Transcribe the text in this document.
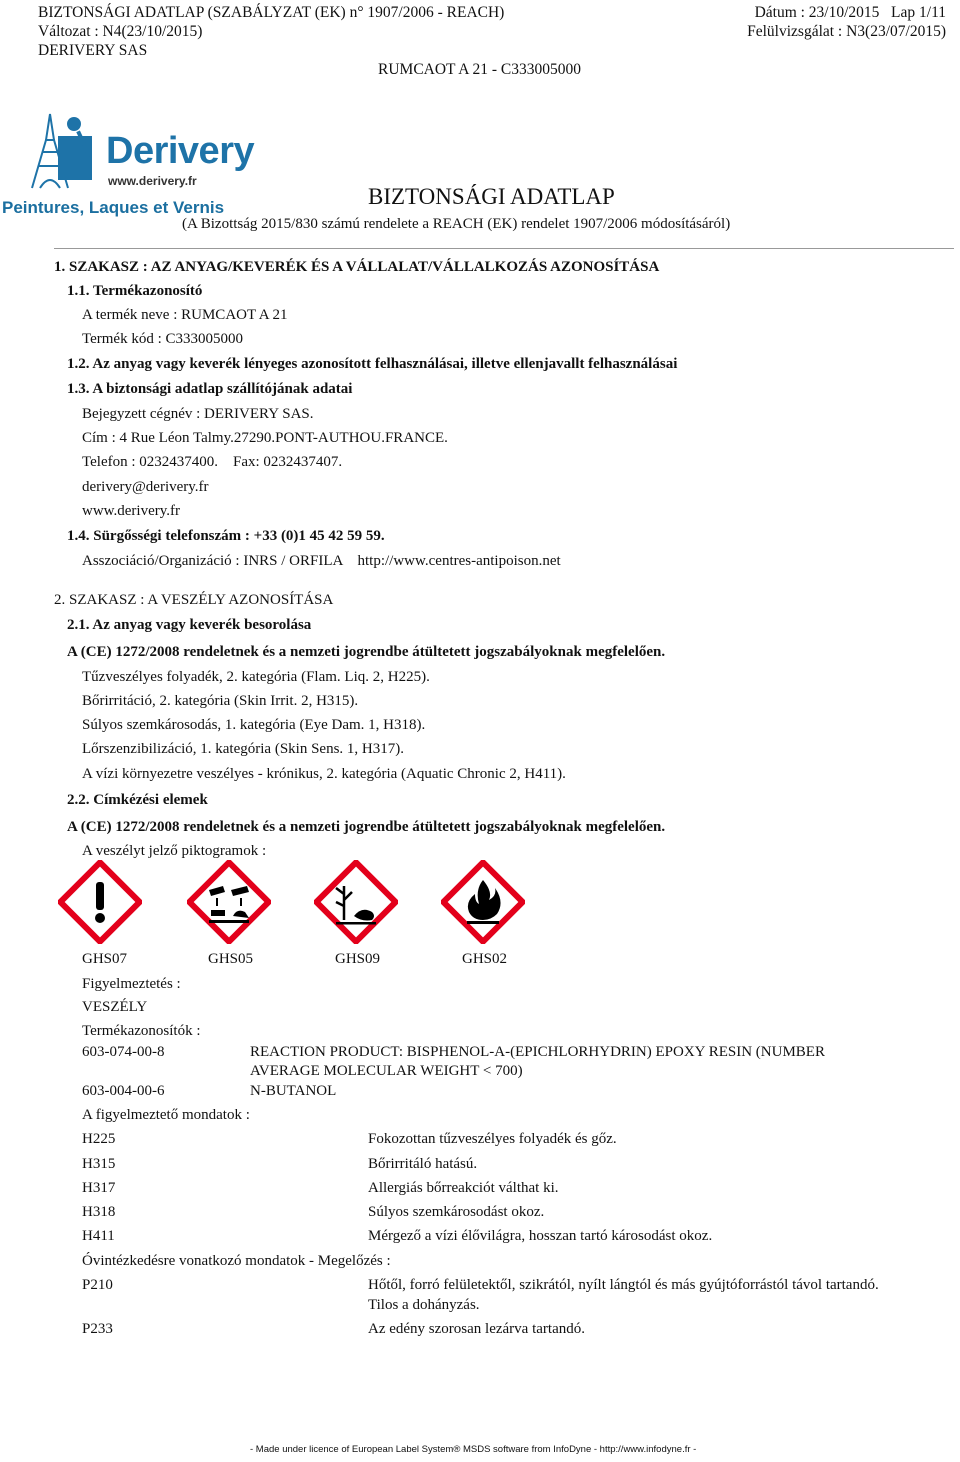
BIZTONSÁGI ADATLAP (SZABÁLYZAT (EK) n° 1907/2006 - REACH)
Változat : N4(23/10/2015)
DERIVERY SAS
Dátum : 23/10/2015   Lap 1/11
Felülvizsgálat : N3(23/07/2015)
RUMCAOT A 21 - C333005000
Derivery
www.derivery.fr
Peintures, Laques et Vernis	BIZTONSÁGI ADATLAP
(A Bizottság 2015/830 számú rendelete a REACH (EK) rendelet 1907/2006 módosításáról)
1. SZAKASZ : AZ ANYAG/KEVERÉK ÉS A VÁLLALAT/VÁLLALKOZÁS AZONOSÍTÁSA
1.1. Termékazonosító
A termék neve : RUMCAOT A 21
Termék kód : C333005000
1.2. Az anyag vagy keverék lényeges azonosított felhasználásai, illetve ellenjavallt felhasználásai
1.3. A biztonsági adatlap szállítójának adatai
Bejegyzett cégnév : DERIVERY SAS.
Cím : 4 Rue Léon Talmy.27290.PONT-AUTHOU.FRANCE.
Telefon : 0232437400.    Fax: 0232437407.
derivery@derivery.fr
www.derivery.fr
1.4. Sürgősségi telefonszám : +33 (0)1 45 42 59 59.
Asszociáció/Organizáció : INRS / ORFILA    http://www.centres-antipoison.net
2. SZAKASZ : A VESZÉLY AZONOSÍTÁSA
2.1. Az anyag vagy keverék besorolása
A (CE) 1272/2008 rendeletnek és a nemzeti jogrendbe átültetett jogszabályoknak megfelelően.
Tűzveszélyes folyadék, 2. kategória (Flam. Liq. 2, H225).
Bőrirritáció, 2. kategória (Skin Irrit. 2, H315).
Súlyos szemkárosodás, 1. kategória (Eye Dam. 1, H318).
Lőrszenzibilizáció, 1. kategória (Skin Sens. 1, H317).
A vízi környezetre veszélyes - krónikus, 2. kategória (Aquatic Chronic 2, H411).
2.2. Címkézési elemek
A (CE) 1272/2008 rendeletnek és a nemzeti jogrendbe átültetett jogszabályoknak megfelelően.
A veszélyt jelző piktogramok :
GHS07	GHS05	GHS09	GHS02
Figyelmeztetés :
VESZÉLY
Termékazonosítók :
603-074-00-8	REACTION PRODUCT: BISPHENOL-A-(EPICHLORHYDRIN) EPOXY RESIN (NUMBER
AVERAGE MOLECULAR WEIGHT < 700)
603-004-00-6	N-BUTANOL
A figyelmeztető mondatok :
H225	Fokozottan tűzveszélyes folyadék és gőz.
H315	Bőrirritáló hatású.
H317	Allergiás bőrreakciót válthat ki.
H318	Súlyos szemkárosodást okoz.
H411	Mérgező a vízi élővilágra, hosszan tartó károsodást okoz.
Óvintézkedésre vonatkozó mondatok - Megelőzés :
P210	Hőtől, forró felületektől, szikrától, nyílt lángtól és más gyújtóforrástól távol tartandó.
Tilos a dohányzás.
P233	Az edény szorosan lezárva tartandó.
- Made under licence of European Label System® MSDS software from InfoDyne - http://www.infodyne.fr -
